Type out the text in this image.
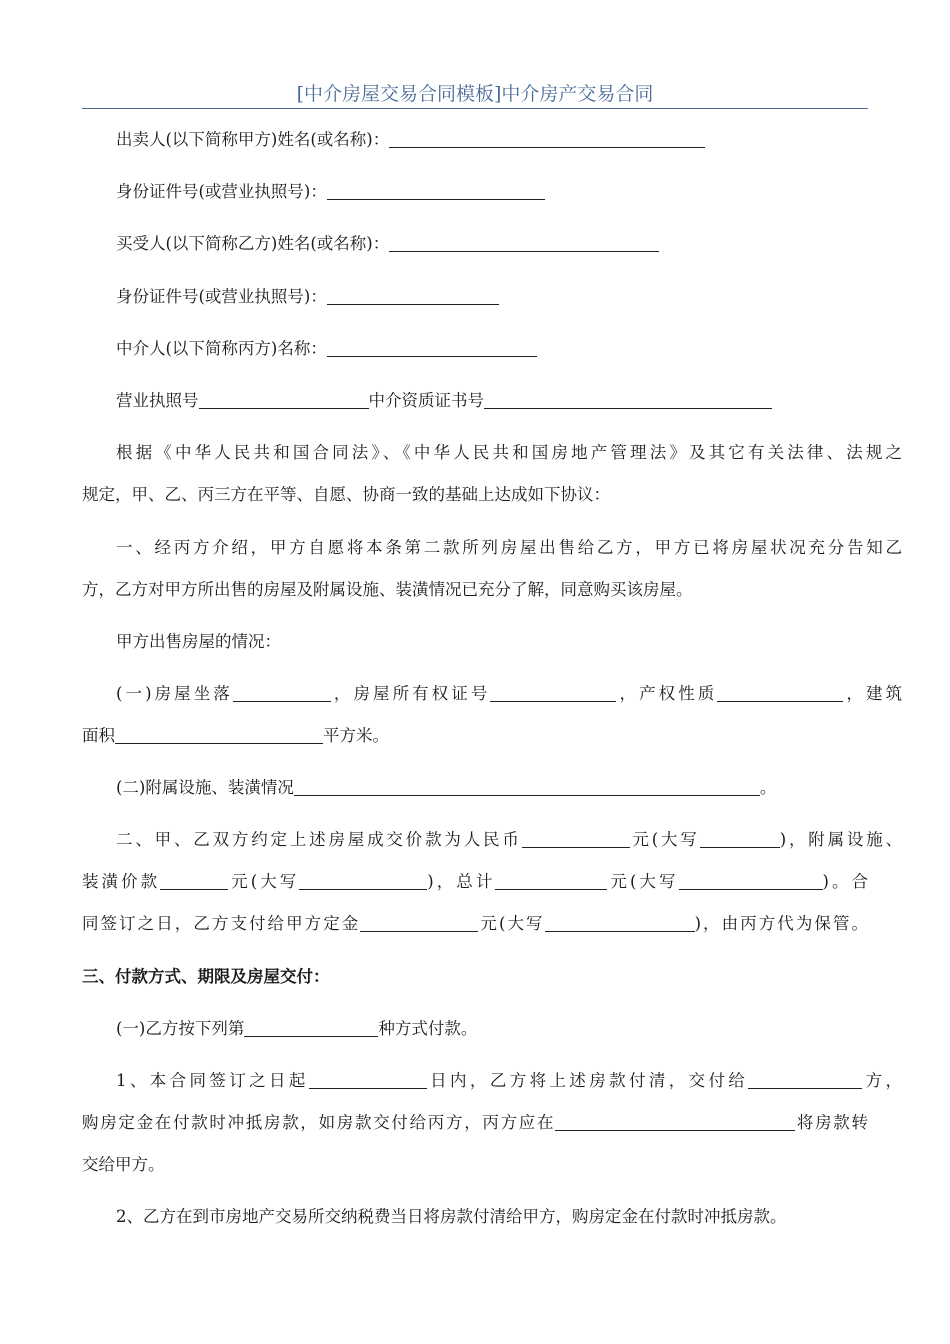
[中介房屋交易合同模板]中介房产交易合同
出卖人(以下简称甲方)姓名(或名称)：
身份证件号(或营业执照号)：
买受人(以下简称乙方)姓名(或名称)：
身份证件号(或营业执照号)：
中介人(以下简称丙方)名称：
营业执照号	中介资质证书号
根据《中华人民共和国合同法》、《中华人民共和国房地产管理法》及其它有关法律、法规之
规定，甲、乙、丙三方在平等、自愿、协商一致的基础上达成如下协议：
一、经丙方介绍，甲方自愿将本条第二款所列房屋出售给乙方，甲方已将房屋状况充分告知乙
方，乙方对甲方所出售的房屋及附属设施、装潢情况已充分了解，同意购买该房屋。
甲方出售房屋的情况：
(一)房屋坐落	，房屋所有权证号	，产权性质	，建筑
面积	平方米。
(二)附属设施、装潢情况	。
二、甲、乙双方约定上述房屋成交价款为人民币	元(大写	)，附属设施、
装潢价款	元(大写	)，总计	元(大写	)。合
同签订之日，乙方支付给甲方定金	元(大写	)，由丙方代为保管。
三、付款方式、期限及房屋交付：
(一)乙方按下列第	种方式付款。
1、本合同签订之日起	日内，乙方将上述房款付清，交付给	方，
购房定金在付款时冲抵房款，如房款交付给丙方，丙方应在	将房款转
交给甲方。
2、乙方在到市房地产交易所交纳税费当日将房款付清给甲方，购房定金在付款时冲抵房款。
